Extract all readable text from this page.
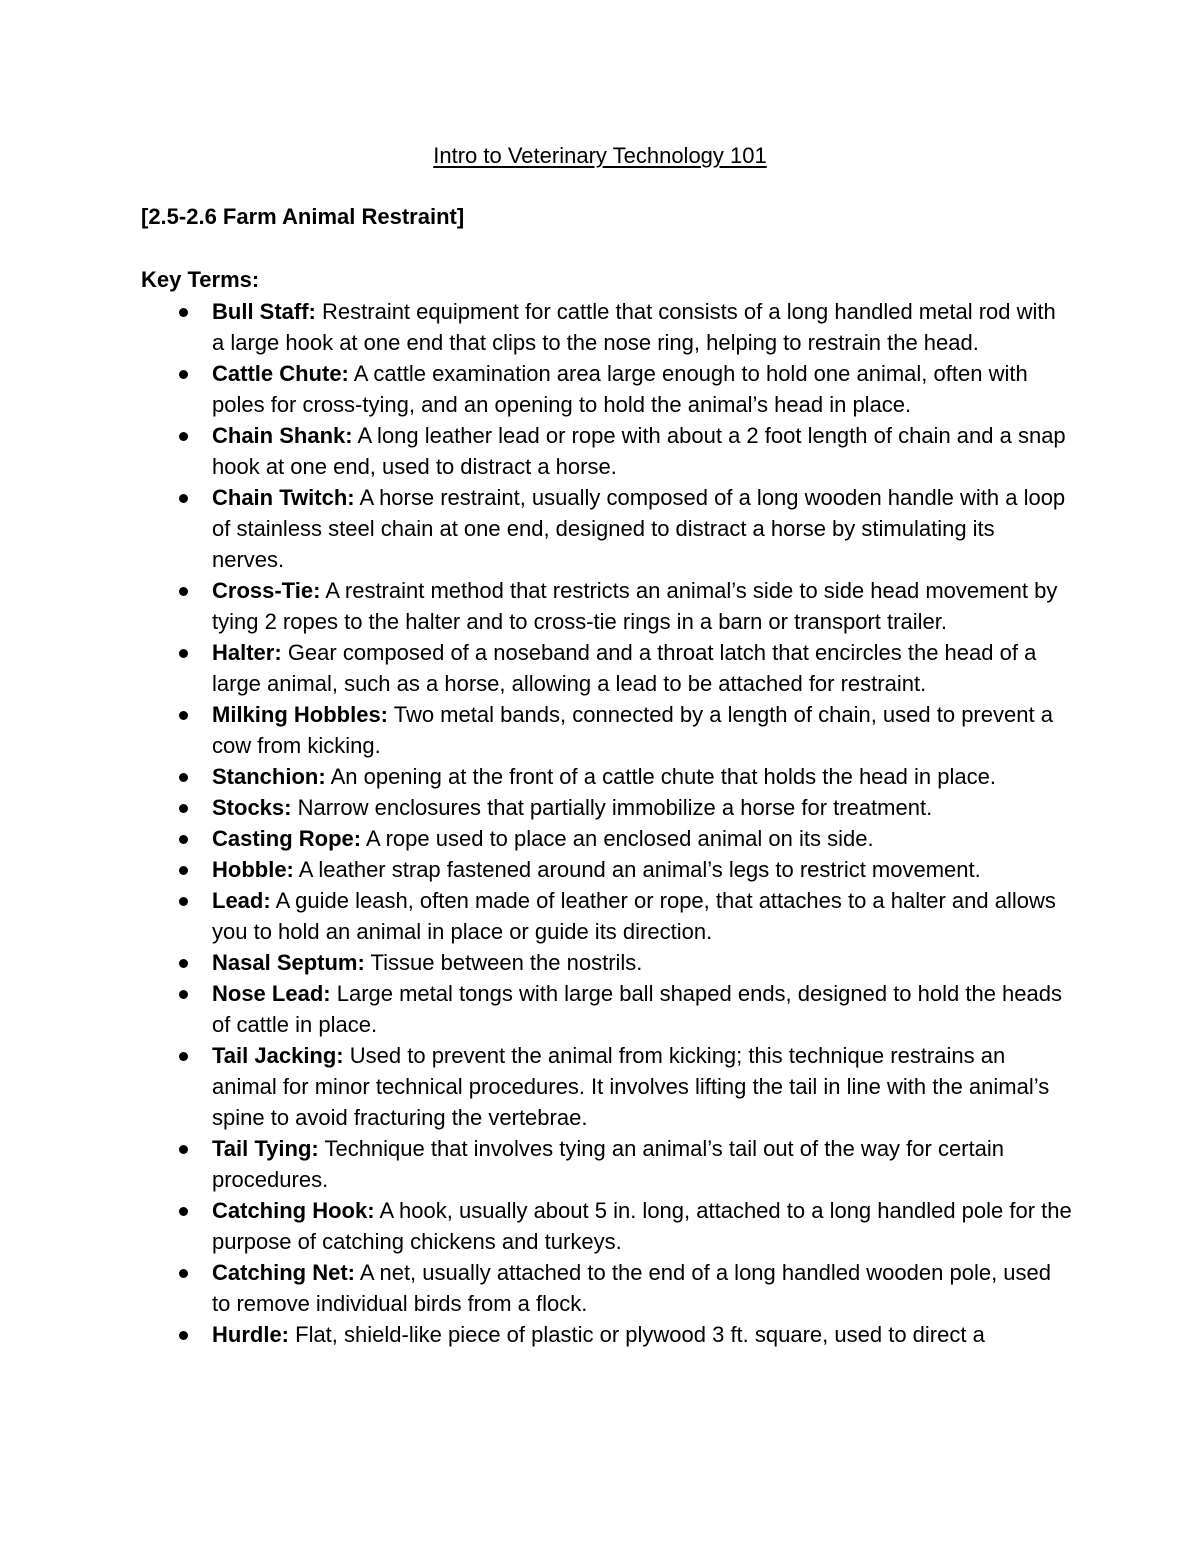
Intro to Veterinary Technology 101
[2.5-2.6 Farm Animal Restraint]
Key Terms:
Bull Staff: Restraint equipment for cattle that consists of a long handled metal rod with a large hook at one end that clips to the nose ring, helping to restrain the head.
Cattle Chute: A cattle examination area large enough to hold one animal, often with poles for cross-tying, and an opening to hold the animal’s head in place.
Chain Shank: A long leather lead or rope with about a 2 foot length of chain and a snap hook at one end, used to distract a horse.
Chain Twitch: A horse restraint, usually composed of a long wooden handle with a loop of stainless steel chain at one end, designed to distract a horse by stimulating its nerves.
Cross-Tie: A restraint method that restricts an animal’s side to side head movement by tying 2 ropes to the halter and to cross-tie rings in a barn or transport trailer.
Halter: Gear composed of a noseband and a throat latch that encircles the head of a large animal, such as a horse, allowing a lead to be attached for restraint.
Milking Hobbles: Two metal bands, connected by a length of chain, used to prevent a cow from kicking.
Stanchion: An opening at the front of a cattle chute that holds the head in place.
Stocks: Narrow enclosures that partially immobilize a horse for treatment.
Casting Rope: A rope used to place an enclosed animal on its side.
Hobble: A leather strap fastened around an animal’s legs to restrict movement.
Lead: A guide leash, often made of leather or rope, that attaches to a halter and allows you to hold an animal in place or guide its direction.
Nasal Septum: Tissue between the nostrils.
Nose Lead: Large metal tongs with large ball shaped ends, designed to hold the heads of cattle in place.
Tail Jacking: Used to prevent the animal from kicking; this technique restrains an animal for minor technical procedures. It involves lifting the tail in line with the animal’s spine to avoid fracturing the vertebrae.
Tail Tying: Technique that involves tying an animal’s tail out of the way for certain procedures.
Catching Hook: A hook, usually about 5 in. long, attached to a long handled pole for the purpose of catching chickens and turkeys.
Catching Net: A net, usually attached to the end of a long handled wooden pole, used to remove individual birds from a flock.
Hurdle: Flat, shield-like piece of plastic or plywood 3 ft. square, used to direct a
